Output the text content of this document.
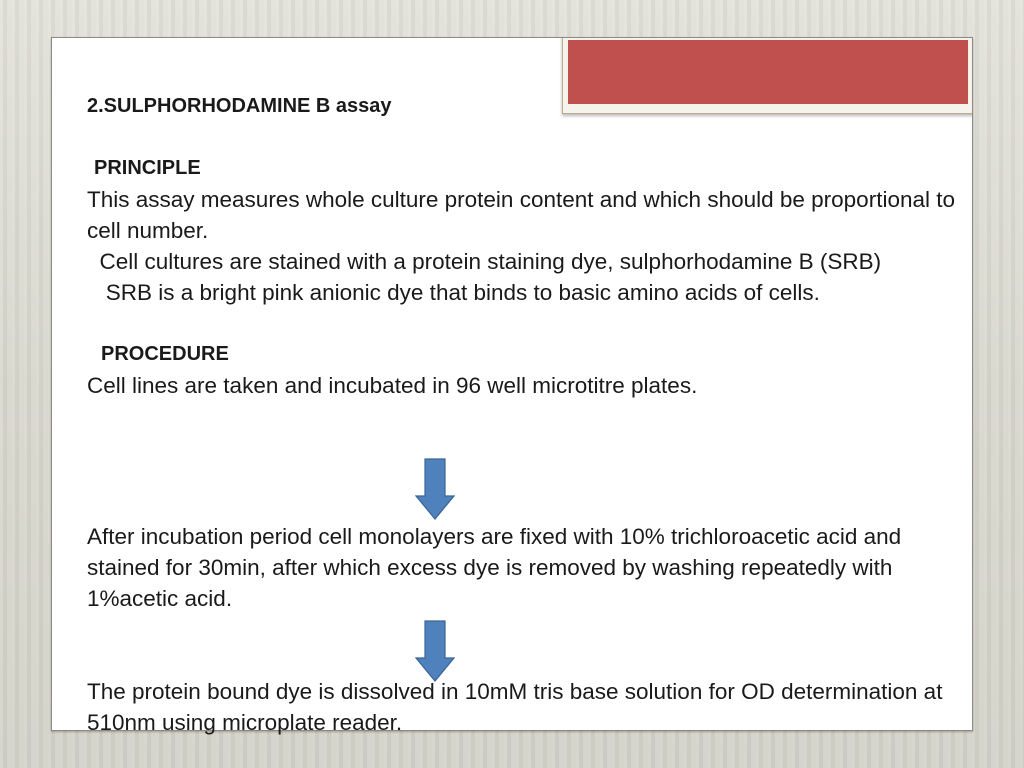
2.SULPHORHODAMINE B assay

PRINCIPLE

This assay measures whole culture protein content and which should be proportional to cell number.

Cell cultures are stained with a protein staining dye, sulphorhodamine B (SRB)

SRB is a bright pink anionic dye that binds to basic amino acids of cells.

PROCEDURE

Cell lines are taken and incubated in 96 well microtitre plates.

After incubation period cell monolayers are fixed with 10% trichloroacetic acid and stained for 30min, after which excess dye is removed by washing repeatedly with 1%acetic acid.

The protein bound dye is dissolved in 10mM tris base solution for OD determination at 510nm using microplate reader.
